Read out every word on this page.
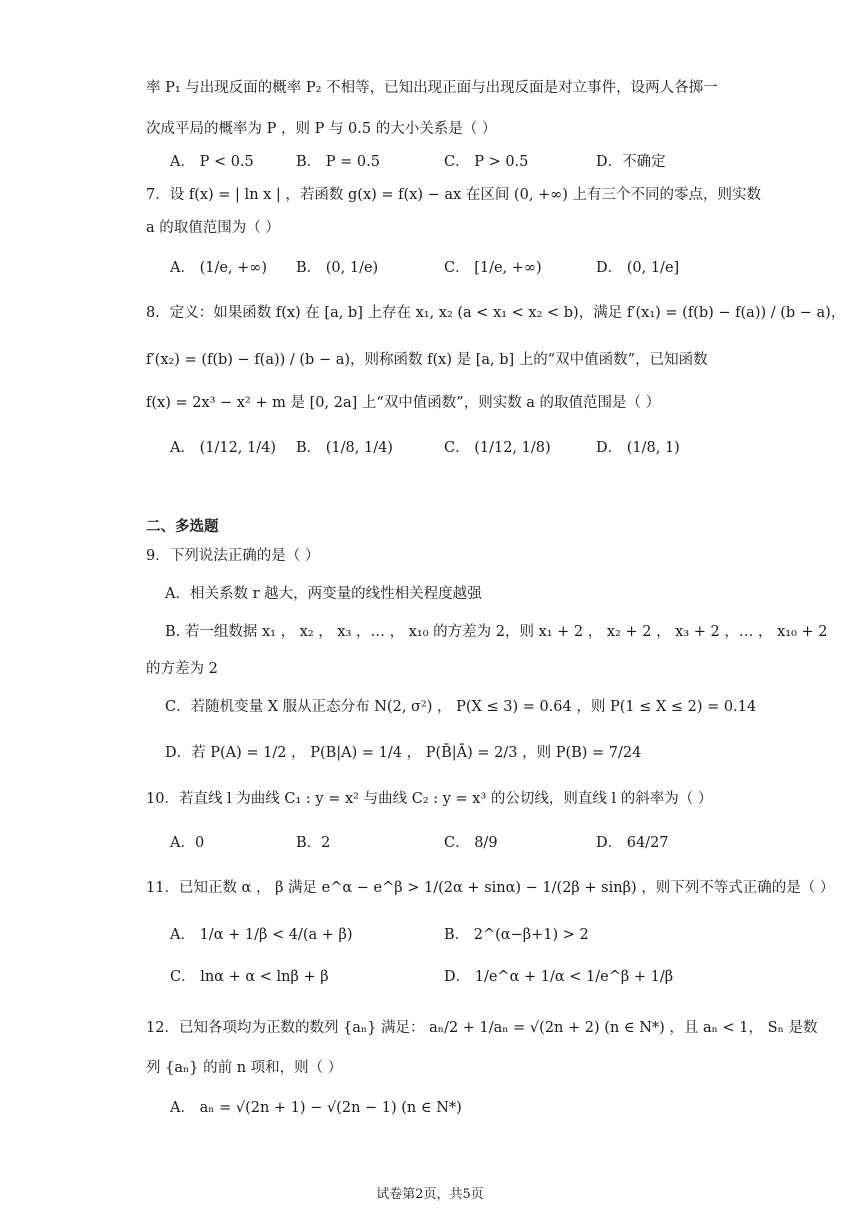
率 P₁ 与出现反面的概率 P₂ 不相等，已知出现正面与出现反面是对立事件，设两人各掷一
次成平局的概率为 P ，则 P 与 0.5 的大小关系是（ ）
A． P < 0.5	B． P = 0.5	C． P > 0.5	D．不确定
7．设 f(x) = | ln x | ，若函数 g(x) = f(x) − ax 在区间 (0, +∞) 上有三个不同的零点，则实数
a 的取值范围为（ ）
A． (1/e, +∞) B． (0, 1/e)	C． [1/e, +∞)	D． (0, 1/e]
8．定义：如果函数 f(x) 在 [a, b] 上存在 x₁, x₂ (a < x₁ < x₂ < b)，满足 f′(x₁) = (f(b) − f(a)) / (b − a)，
f′(x₂) = (f(b) − f(a)) / (b − a)，则称函数 f(x) 是 [a, b] 上的“双中值函数”，已知函数
f(x) = 2x³ − x² + m 是 [0, 2a] 上“双中值函数”，则实数 a 的取值范围是（ ）
A． (1/12, 1/4) B． (1/8, 1/4)	C． (1/12, 1/8)	D． (1/8, 1)
二、多选题
9．下列说法正确的是（ ）
A．相关系数 r 越大，两变量的线性相关程度越强
B. 若一组数据 x₁ ， x₂ ， x₃ ，… ， x₁₀ 的方差为 2，则 x₁ + 2 ， x₂ + 2 ， x₃ + 2 ，… ， x₁₀ + 2
的方差为 2
C．若随机变量 X 服从正态分布 N(2, σ²) ， P(X ≤ 3) = 0.64 ，则 P(1 ≤ X ≤ 2) = 0.14
D．若 P(A) = 1/2 ， P(B|A) = 1/4 ， P(B̄|Ā) = 2/3 ，则 P(B) = 7/24
10．若直线 l 为曲线 C₁ : y = x² 与曲线 C₂ : y = x³ 的公切线，则直线 l 的斜率为（ ）
A．0	B．2	C． 8/9	D． 64/27
11．已知正数 α ， β 满足 e^α − e^β > 1/(2α + sinα) − 1/(2β + sinβ) ，则下列不等式正确的是（ ）
A． 1/α + 1/β < 4/(a + β)	B． 2^(α−β+1) > 2
C． lnα + α < lnβ + β	D． 1/e^α + 1/α < 1/e^β + 1/β
12．已知各项均为正数的数列 {aₙ} 满足： aₙ/2 + 1/aₙ = √(2n + 2) (n ∈ N*) ，且 aₙ < 1， Sₙ 是数
列 {aₙ} 的前 n 项和，则（ ）
A． aₙ = √(2n + 1) − √(2n − 1) (n ∈ N*)
试卷第2页，共5页
